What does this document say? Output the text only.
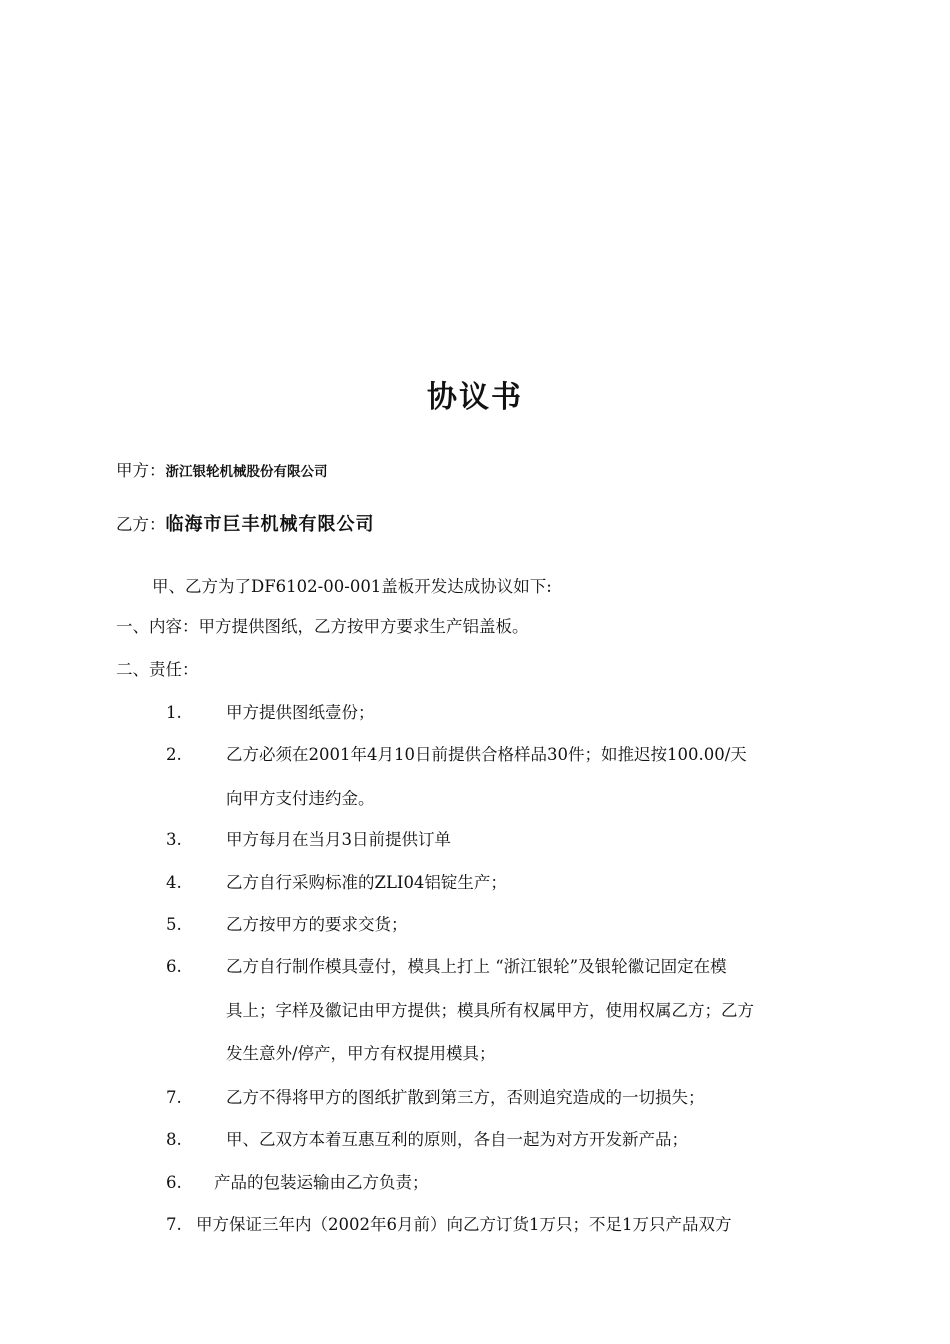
协议书
甲方：浙江银轮机械股份有限公司
乙方：临海市巨丰机械有限公司
甲、乙方为了DF6102-00-001盖板开发达成协议如下:
一、内容：甲方提供图纸，乙方按甲方要求生产铝盖板。
二、责任：
1.	甲方提供图纸壹份；
2.	乙方必须在2001年4月10日前提供合格样品30件；如推迟按100.00/天
向甲方支付违约金。
3.	甲方每月在当月3日前提供订单
4.	乙方自行采购标准的ZLI04铝锭生产；
5.	乙方按甲方的要求交货；
6.	乙方自行制作模具壹付，模具上打上 “浙江银轮”及银轮徽记固定在模
具上；字样及徽记由甲方提供；模具所有权属甲方，使用权属乙方；乙方
发生意外/停产，甲方有权提用模具；
7.	乙方不得将甲方的图纸扩散到第三方，否则追究造成的一切损失；
8.	甲、乙双方本着互惠互利的原则，各自一起为对方开发新产品；
6. 产品的包装运输由乙方负责；
7. 甲方保证三年内（2002年6月前）向乙方订货1万只；不足1万只产品双方
